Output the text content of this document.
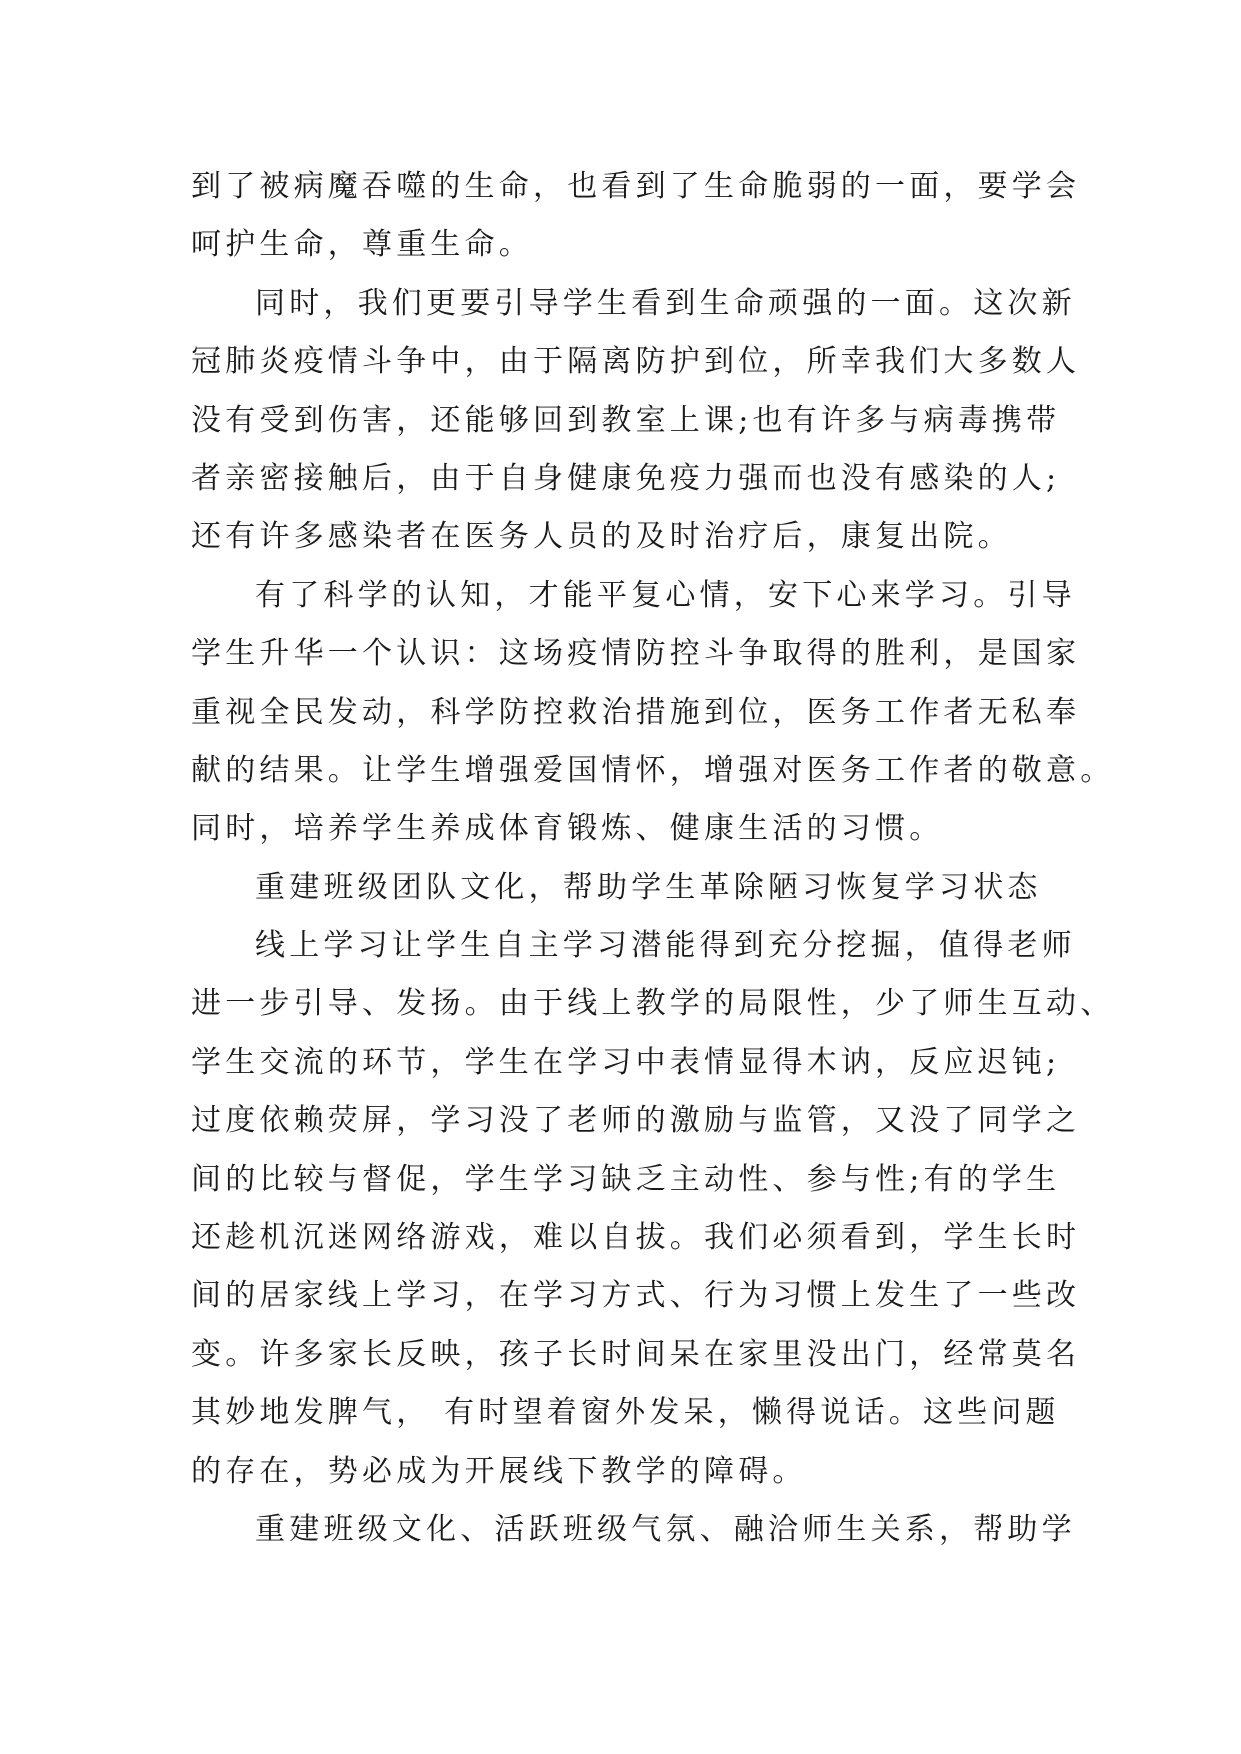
到了被病魔吞噬的生命，也看到了生命脆弱的一面，要学会
呵护生命，尊重生命。
同时，我们更要引导学生看到生命顽强的一面。这次新
冠肺炎疫情斗争中，由于隔离防护到位，所幸我们大多数人
没有受到伤害，还能够回到教室上课;也有许多与病毒携带
者亲密接触后，由于自身健康免疫力强而也没有感染的人;
还有许多感染者在医务人员的及时治疗后，康复出院。
有了科学的认知，才能平复心情，安下心来学习。引导
学生升华一个认识：这场疫情防控斗争取得的胜利，是国家
重视全民发动，科学防控救治措施到位，医务工作者无私奉
献的结果。让学生增强爱国情怀，增强对医务工作者的敬意。
同时，培养学生养成体育锻炼、健康生活的习惯。
重建班级团队文化，帮助学生革除陋习恢复学习状态
线上学习让学生自主学习潜能得到充分挖掘，值得老师
进一步引导、发扬。由于线上教学的局限性，少了师生互动、
学生交流的环节，学生在学习中表情显得木讷，反应迟钝;
过度依赖荧屏，学习没了老师的激励与监管，又没了同学之
间的比较与督促，学生学习缺乏主动性、参与性;有的学生
还趁机沉迷网络游戏，难以自拔。我们必须看到，学生长时
间的居家线上学习，在学习方式、行为习惯上发生了一些改
变。许多家长反映，孩子长时间呆在家里没出门，经常莫名
其妙地发脾气， 有时望着窗外发呆，懒得说话。这些问题
的存在，势必成为开展线下教学的障碍。
重建班级文化、活跃班级气氛、融洽师生关系，帮助学
